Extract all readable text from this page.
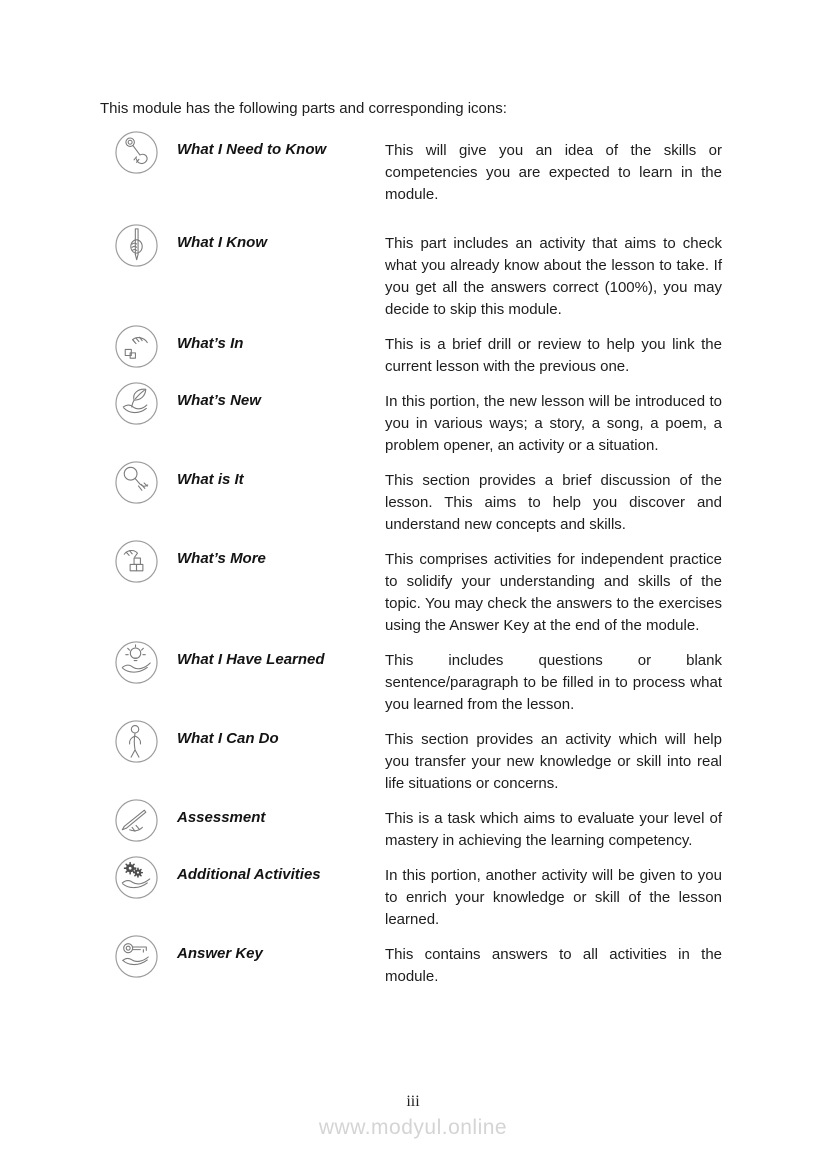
This module has the following parts and corresponding icons:

What I Need to Know	This will give you an idea of the skills or competencies you are expected to learn in the module.
What I Know	This part includes an activity that aims to check what you already know about the lesson to take. If you get all the answers correct (100%), you may decide to skip this module.
What’s In	This is a brief drill or review to help you link the current lesson with the previous one.
What’s New	In this portion, the new lesson will be introduced to you in various ways; a story, a song, a poem, a problem opener, an activity or a situation.
What is It	This section provides a brief discussion of the lesson. This aims to help you discover and understand new concepts and skills.
What’s More	This comprises activities for independent practice to solidify your understanding and skills of the topic. You may check the answers to the exercises using the Answer Key at the end of the module.
What I Have Learned	This includes questions or blank sentence/paragraph to be filled in to process what you learned from the lesson.
What I Can Do	This section provides an activity which will help you transfer your new knowledge or skill into real life situations or concerns.
Assessment	This is a task which aims to evaluate your level of mastery in achieving the learning competency.
Additional Activities	In this portion, another activity will be given to you to enrich your knowledge or skill of the lesson learned.
Answer Key	This contains answers to all activities in the module.
iii
www.modyul.online
